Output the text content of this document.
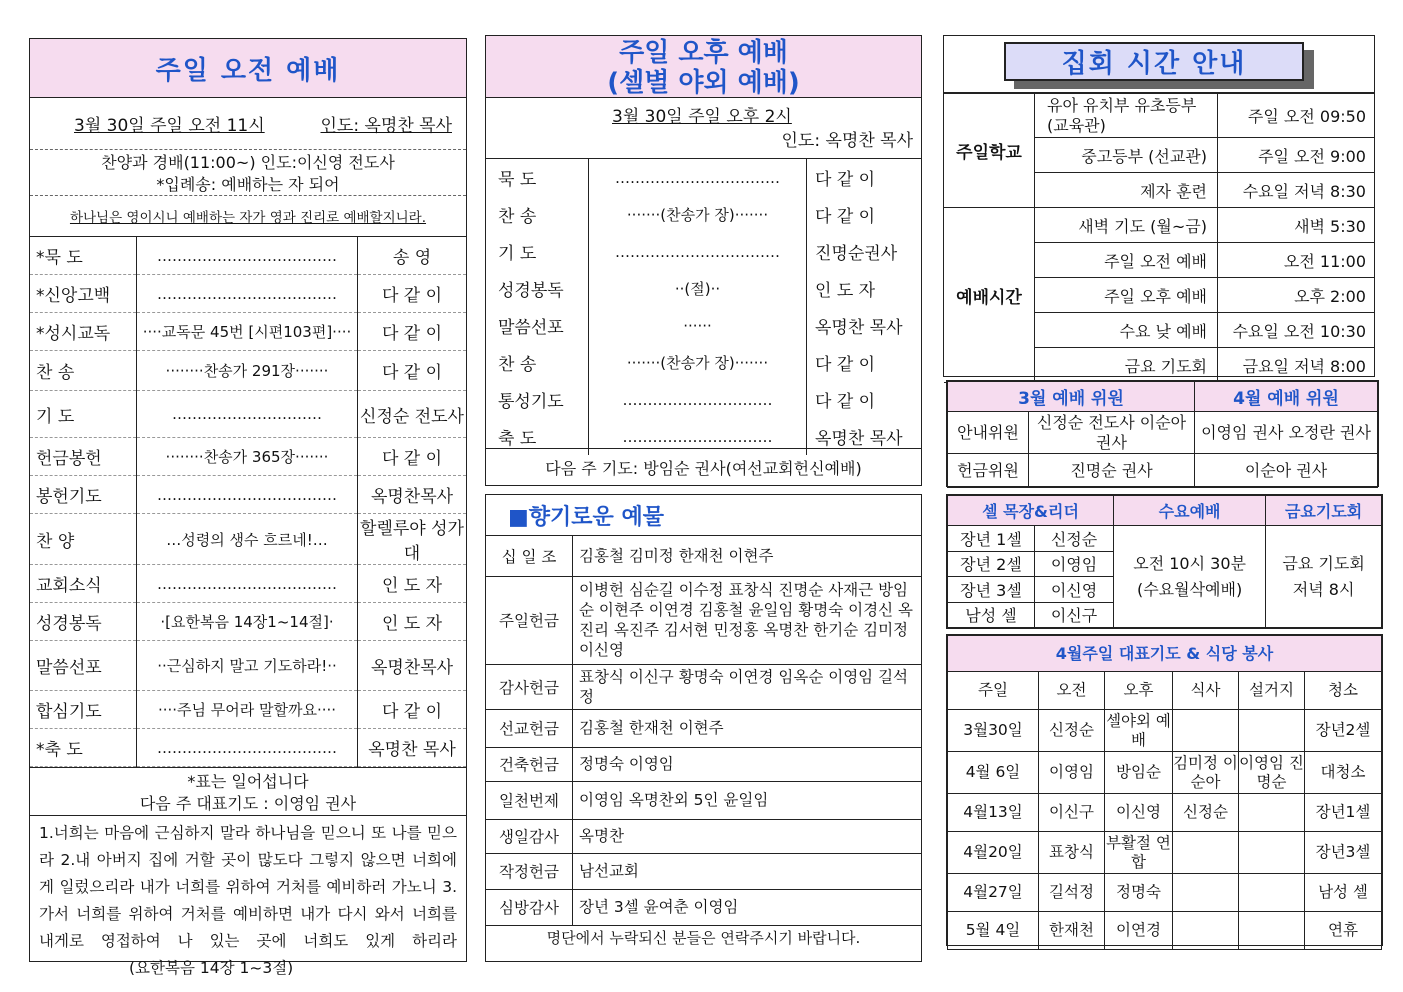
주일 오전 예배
3월 30일 주일 오전 11시	인도: 옥명찬 목사
찬양과 경배(11:00~) 인도:이신영 전도사
*입례송: 예배하는 자 되어
하나님은 영이시니 예배하는 자가 영과 진리로 예배할지니라.
*묵 도	………………………………	송 영
*신앙고백	………………………………	다 같 이
*성시교독	····교독문 45번 [시편103편]····	다 같 이
찬 송	········찬송가 291장·······	다 같 이
기 도	…………………………	신정순 전도사
헌금봉헌	········찬송가 365장·······	다 같 이
봉헌기도	………………………………	옥명찬목사
찬 양	…성령의 생수 흐르네!…	할렐루야 성가대
교회소식	………………………………	인 도 자
성경봉독	·[요한복음 14장1~14절]·	인 도 자
말씀선포	··근심하지 말고 기도하라!··	옥명찬목사
합심기도	····주님 무어라 말할까요····	다 같 이
*축 도	………………………………	옥명찬 목사
*표는 일어섭니다
다음 주 대표기도 : 이영임 권사
1.너희는 마음에 근심하지 말라 하나님을 믿으니 또 나를 믿으라 2.내 아버지 집에 거할 곳이 많도다 그렇지 않으면 너희에게 일렀으리라 내가 너희를 위하여 거처를 예비하러 가노니 3.가서 너희를 위하여 거처를 예비하면 내가 다시 와서 너희를 내게로 영접하여 나 있는 곳에 너희도 있게 하리라 (요한복음 14장 1~3절)
주일 오후 예배
(셀별 야외 예배)
3월 30일 주일 오후 2시
인도: 옥명찬 목사
묵 도	……………………………	다 같 이
찬 송	·······(찬송가 장)·······	다 같 이
기 도	……………………………	진명순권사
성경봉독	··(절)··	인 도 자
말씀선포	······	옥명찬 목사
찬 송	·······(찬송가 장)·······	다 같 이
통성기도	…………………………	다 같 이
축 도	…………………………	옥명찬 목사
다음 주 기도: 방임순 권사(여선교회헌신예배)
■향기로운 예물
십 일 조	김홍철 김미정 한재천 이현주
주일헌금	이병헌 심순길 이수정 표창식 진명순 사재근 방임순 이현주 이연경 김홍철 윤일임 황명숙 이경신 옥진리 옥진주 김서현 민정홍 옥명찬 한기순 김미정 이신영
감사헌금	표창식 이신구 황명숙 이연경 임옥순 이영임 길석정
선교헌금	김홍철 한재천 이현주
건축헌금	정명숙 이영임
일천번제	이영임 옥명찬외 5인 윤일임
생일감사	옥명찬
작정헌금	남선교회
심방감사	장년 3셀 윤여춘 이영임
명단에서 누락되신 분들은 연락주시기 바랍니다.
집회 시간 안내
주일학교	유아 유치부 유초등부 (교육관)	주일 오전 09:50
	중고등부 (선교관)	주일 오전 9:00
	제자 훈련	수요일 저녁 8:30
예배시간	새벽 기도 (월~금)	새벽 5:30
	주일 오전 예배	오전 11:00
	주일 오후 예배	오후 2:00
	수요 낮 예배	수요일 오전 10:30
	금요 기도회	금요일 저녁 8:00
3월 예배 위원		4월 예배 위원
안내위원	신정순 전도사 이순아 권사	이영임 권사 오정란 권사
헌금위원	진명순 권사	이순아 권사
셀 목장&리더		수요예배	금요기도회
장년 1셀	신정순	오전 10시 30분 (수요월삭예배)	금요 기도회 저녁 8시
장년 2셀	이영임		
장년 3셀	이신영		
남성 셀	이신구		
4월주일 대표기도 & 식당 봉사					
주일	오전	오후	식사	설거지	청소
3월30일	신정순	셀야외 예배			장년2셀
4월 6일	이영임	방임순	김미정 이순아	이영임 진명순	대청소
4월13일	이신구	이신영	신정순		장년1셀
4월20일	표창식	부활절 연합			장년3셀
4월27일	길석정	정명숙			남성 셀
5월 4일	한재천	이연경			연휴
